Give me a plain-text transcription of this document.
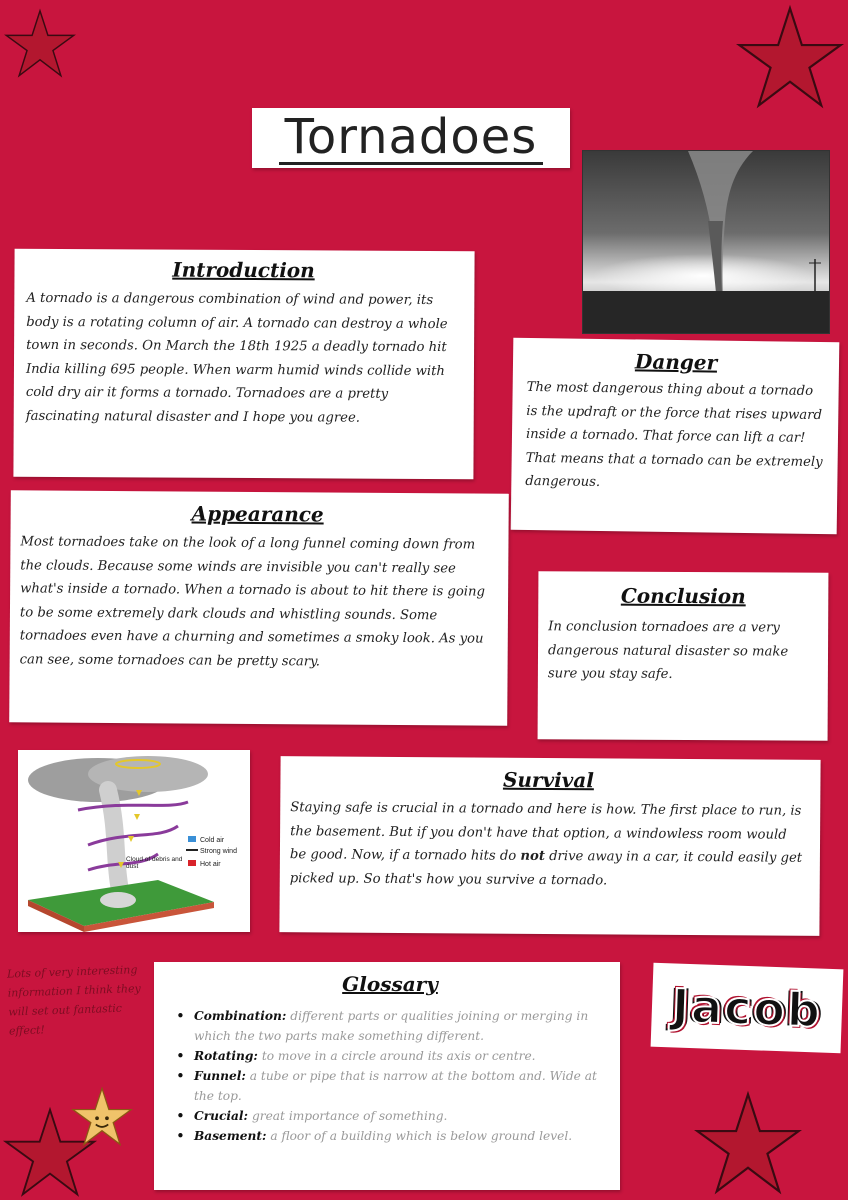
Tornadoes
Introduction

A tornado is a dangerous combination of wind and power, its body is a rotating column of air. A tornado can destroy a whole town in seconds. On March the 18th 1925 a deadly tornado hit India killing 695 people. When warm humid winds collide with cold dry air it forms a tornado. Tornadoes are a pretty fascinating natural disaster and I hope you agree.

Danger

The most dangerous thing about a tornado is the updraft or the force that rises upward inside a tornado. That force can lift a car! That means that a tornado can be extremely dangerous.

Appearance

Most tornadoes take on the look of a long funnel coming down from the clouds. Because some winds are invisible you can't really see what's inside a tornado. When a tornado is about to hit there is going to be some extremely dark clouds and whistling sounds. Some tornadoes even have a churning and sometimes a smoky look. As you can see, some tornadoes can be pretty scary.

Conclusion

In conclusion tornadoes are a very dangerous natural disaster so make sure you stay safe.

Cold air
Strong wind
Hot air
Cloud of debris and dust
Survival

Staying safe is crucial in a tornado and here is how. The first place to run, is the basement. But if you don't have that option, a windowless room would be good. Now, if a tornado hits do not drive away in a car, it could easily get picked up. So that's how you survive a tornado.

Glossary
• Combination: different parts or qualities joining or merging in which the two parts make something different.
• Rotating: to move in a circle around its axis or centre.
• Funnel: a tube or pipe that is narrow at the bottom and. Wide at the top.
• Crucial: great importance of something.
• Basement: a floor of a building which is below ground level.
Lots of very interesting information I think they will set out fantastic effect!	Jacob
